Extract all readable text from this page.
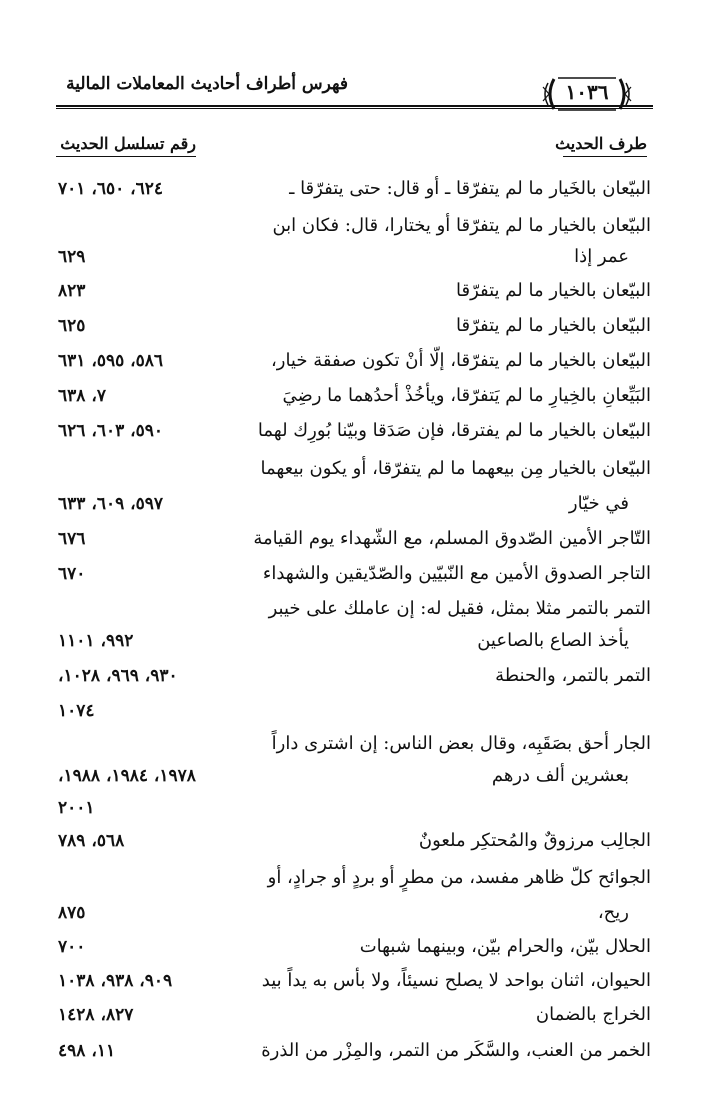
فهرس أطراف أحاديث المعاملات المالية	١٠٣٦
طرف الحديث
رقم تسلسل الحديث
البيّعان بالخَيار ما لم يتفرّقا ـ أو قال: حتى يتفرّقا ـ
٦٢٤، ٦٥٠، ٧٠١
البيّعان بالخيار ما لم يتفرّقا أو يختارا، قال: فكان ابن
عمر إذا
٦٢٩
البيّعان بالخيار ما لم يتفرّقا
٨٢٣
البيّعان بالخيار ما لم يتفرّقا
٦٢٥
البيّعان بالخيار ما لم يتفرّقا، إلّا أنْ تكون صفقة خيار،
٥٨٦، ٥٩٥، ٦٣١
البَيِّعانِ بالخِيارِ ما لم يَتفرّقا، ويأخُذْ أحدُهما ما رضِيَ
٧، ٦٣٨
البيّعان بالخيار ما لم يفترقا، فإن صَدَقا وبيّنا بُورِك لهما
٥٩٠، ٦٠٣، ٦٢٦
البيّعان بالخيار مِن بيعهما ما لم يتفرّقا، أو يكون بيعهما
في خيّار
٥٩٧، ٦٠٩، ٦٣٣
التّاجر الأمين الصّدوق المسلم، مع الشّهداء يوم القيامة
٦٧٦
التاجر الصدوق الأمين مع النّبيّين والصّدّيقين والشهداء
٦٧٠
التمر بالتمر مثلا بمثل، فقيل له: إن عاملك على خيبر
يأخذ الصاع بالصاعين
٩٩٢، ١١٠١
التمر بالتمر، والحنطة
٩٣٠، ٩٦٩، ١٠٢٨،
١٠٧٤
الجار أحق بصَقَبِه، وقال بعض الناس: إن اشترى داراً
بعشرين ألف درهم
١٩٧٨، ١٩٨٤، ١٩٨٨،
٢٠٠١
الجالِب مرزوقٌ والمُحتكِر ملعونٌ
٥٦٨، ٧٨٩
الجوائح كلّ ظاهر مفسد، من مطرٍ أو بردٍ أو جرادٍ، أو
ريح،
٨٧٥
الحلال بيّن، والحرام بيّن، وبينهما شبهات
٧٠٠
الحيوان، اثنان بواحد لا يصلح نسيئاً، ولا بأس به يداً بيد
٩٠٩، ٩٣٨، ١٠٣٨
الخراج بالضمان
٨٢٧، ١٤٢٨
الخمر من العنب، والسَّكَر من التمر، والمِزْر من الذرة
١١، ٤٩٨
